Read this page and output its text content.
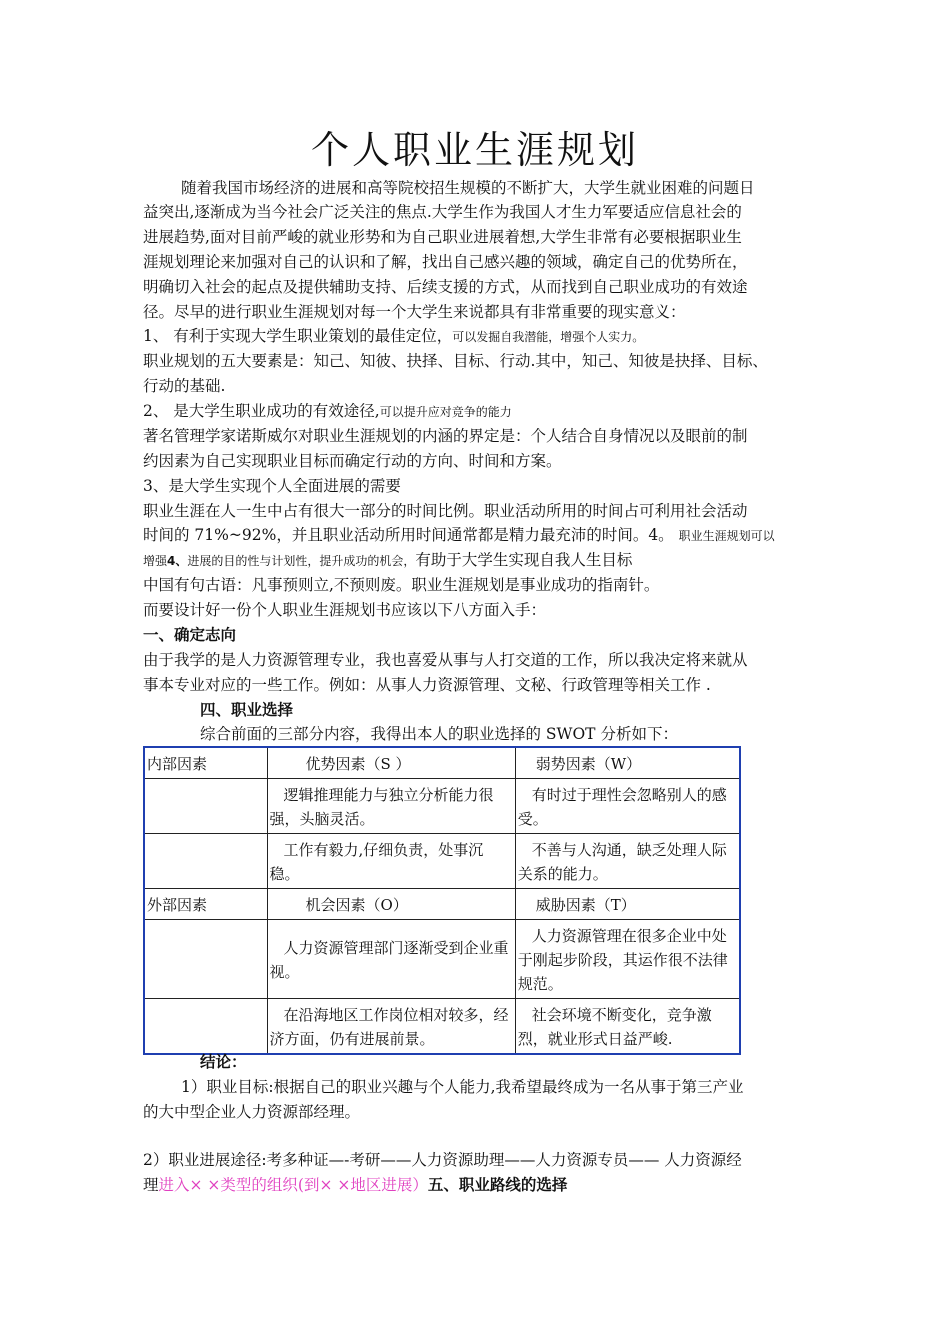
个人职业生涯规划
随着我国市场经济的进展和高等院校招生规模的不断扩大，大学生就业困难的问题日
益突出,逐渐成为当今社会广泛关注的焦点.大学生作为我国人才生力军要适应信息社会的
进展趋势,面对目前严峻的就业形势和为自己职业进展着想,大学生非常有必要根据职业生
涯规划理论来加强对自己的认识和了解，找出自己感兴趣的领域，确定自己的优势所在，
明确切入社会的起点及提供辅助支持、后续支援的方式，从而找到自己职业成功的有效途
径。尽早的进行职业生涯规划对每一个大学生来说都具有非常重要的现实意义：
1、 有利于实现大学生职业策划的最佳定位，可以发掘自我潜能，增强个人实力。
职业规划的五大要素是：知己、知彼、抉择、目标、行动.其中，知己、知彼是抉择、目标、
行动的基础.
2、 是大学生职业成功的有效途径,可以提升应对竞争的能力
著名管理学家诺斯威尔对职业生涯规划的内涵的界定是：个人结合自身情况以及眼前的制
约因素为自己实现职业目标而确定行动的方向、时间和方案。
3、是大学生实现个人全面进展的需要
职业生涯在人一生中占有很大一部分的时间比例。职业活动所用的时间占可利用社会活动
时间的 71%~92%，并且职业活动所用时间通常都是精力最充沛的时间。4。 职业生涯规划可以
增强4、进展的目的性与计划性，提升成功的机会，有助于大学生实现自我人生目标
中国有句古语：凡事预则立,不预则废。职业生涯规划是事业成功的指南针。
而要设计好一份个人职业生涯规划书应该以下八方面入手：
一、确定志向
由于我学的是人力资源管理专业，我也喜爱从事与人打交道的工作，所以我决定将来就从
事本专业对应的一些工作。例如：从事人力资源管理、文秘、行政管理等相关工作 .
四、职业选择
综合前面的三部分内容，我得出本人的职业选择的 SWOT 分析如下：
内部因素	优势因素（S ）	弱势因素（W）
	逻辑推理能力与独立分析能力很强，头脑灵活。	有时过于理性会忽略别人的感受。
	工作有毅力,仔细负责，处事沉稳。	不善与人沟通，缺乏处理人际关系的能力。
外部因素	机会因素（O）	威胁因素（T）
	人力资源管理部门逐渐受到企业重视。	人力资源管理在很多企业中处于刚起步阶段，其运作很不法律规范。
	在沿海地区工作岗位相对较多，经济方面，仍有进展前景。	社会环境不断变化，竞争激烈，就业形式日益严峻.
结论：
1）职业目标:根据自己的职业兴趣与个人能力,我希望最终成为一名从事于第三产业
的大中型企业人力资源部经理。
2）职业进展途径:考多种证—-考研——人力资源助理——人力资源专员—— 人力资源经
理进入× ×类型的组织(到× ×地区进展）五、职业路线的选择
